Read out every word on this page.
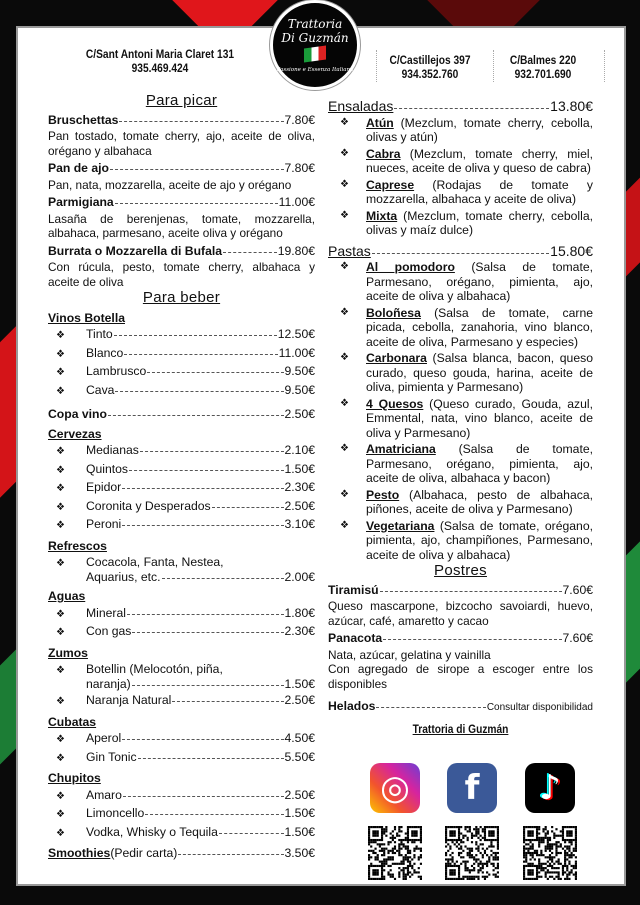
C/Sant Antoni Maria Claret 131
935.469.424
C/Castillejos 397
934.352.760
C/Balmes 220
932.701.690
Trattoria
Di Guzmán
Passione e Essenza Italiana
Para picar
Bruschettas	7.80€
Pan tostado, tomate cherry, ajo, aceite de oliva, orégano y albahaca
Pan de ajo	7.80€
Pan, nata, mozzarella, aceite de ajo y orégano
Parmigiana	11.00€
Lasaña de berenjenas, tomate, mozzarella, albahaca, parmesano, aceite oliva y orégano
Burrata o Mozzarella di Bufala	19.80€
Con rúcula, pesto, tomate cherry, albahaca y aceite de oliva
Para beber
Vinos Botella
❖	Tinto	12.50€
❖	Blanco	11.00€
❖	Lambrusco	9.50€
❖	Cava	9.50€
Copa vino	2.50€
Cervezas
❖	Medianas	2.10€
❖	Quintos	1.50€
❖	Epidor	2.30€
❖	Coronita y Desperados	2.50€
❖	Peroni	3.10€
Refrescos
❖	Cocacola, Fanta, Nestea,
Aquarius, etc.	2.00€
Aguas
❖	Mineral	1.80€
❖	Con gas	2.30€
Zumos
❖	Botellin (Melocotón, piña,
naranja)	1.50€
❖	Naranja Natural	2.50€
Cubatas
❖	Aperol	4.50€
❖	Gin Tonic	5.50€
Chupitos
❖	Amaro	2.50€
❖	Limoncello	1.50€
❖	Vodka, Whisky o Tequila	1.50€
Smoothies (Pedir carta)	3.50€
Ensaladas	13.80€
❖	Atún (Mezclum, tomate cherry, cebolla, olivas y atún)
❖	Cabra (Mezclum, tomate cherry, miel, nueces, aceite de oliva y queso de cabra)
❖	Caprese (Rodajas de tomate y mozzarella, albahaca y aceite de oliva)
❖	Mixta (Mezclum, tomate cherry, cebolla, olivas y maíz dulce)
Pastas	15.80€
❖	Al pomodoro (Salsa de tomate, Parmesano, orégano, pimienta, ajo, aceite de oliva y albahaca)
❖	Boloñesa (Salsa de tomate, carne picada, cebolla, zanahoria, vino blanco, aceite de oliva, Parmesano y especies)
❖	Carbonara (Salsa blanca, bacon, queso curado, queso gouda, harina, aceite de oliva, pimienta y Parmesano)
❖	4 Quesos (Queso curado, Gouda, azul, Emmental, nata, vino blanco, aceite de oliva y Parmesano)
❖	Amatriciana (Salsa de tomate, Parmesano, orégano, pimienta, ajo, aceite de oliva, albahaca y bacon)
❖	Pesto (Albahaca, pesto de albahaca, piñones, aceite de oliva y Parmesano)
❖	Vegetariana (Salsa de tomate, orégano, pimienta, ajo, champiñones, Parmesano, aceite de oliva y albahaca)
Postres
Tiramisú	7.60€
Queso mascarpone, bizcocho savoiardi, huevo, azúcar, café, amaretto y cacao
Panacota	7.60€
Nata, azúcar, gelatina y vainilla
Con agregado de sirope a escoger entre los disponibles
Helados	Consultar disponibilidad
Trattoria di Guzmán
◎	f	♪
